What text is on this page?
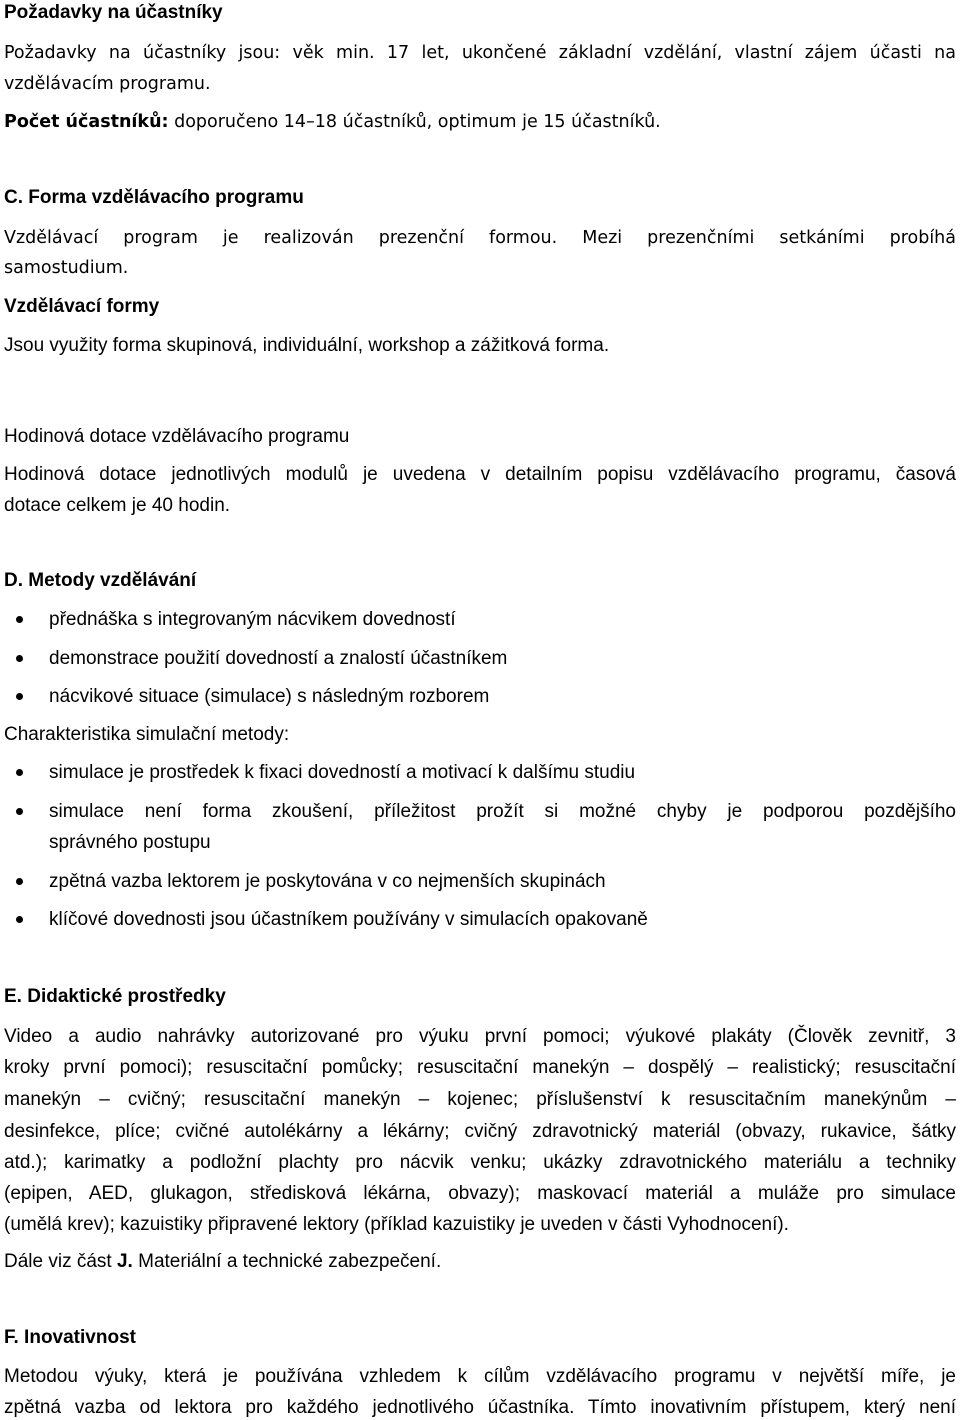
Požadavky na účastníky
Požadavky na účastníky jsou: věk min. 17 let, ukončené základní vzdělání, vlastní zájem účasti na
vzdělávacím programu.
Počet účastníků: doporučeno 14–18 účastníků, optimum je 15 účastníků.
C. Forma vzdělávacího programu
Vzdělávací program je realizován prezenční formou. Mezi prezenčními setkáními probíhá
samostudium.
Vzdělávací formy
Jsou využity forma skupinová, individuální, workshop a zážitková forma.
Hodinová dotace vzdělávacího programu
Hodinová dotace jednotlivých modulů je uvedena v detailním popisu vzdělávacího programu, časová
dotace celkem je 40 hodin.
D. Metody vzdělávání
přednáška s integrovaným nácvikem dovedností
demonstrace použití dovedností a znalostí účastníkem
nácvikové situace (simulace) s následným rozborem
Charakteristika simulační metody:
simulace je prostředek k fixaci dovedností a motivací k dalšímu studiu
simulace není forma zkoušení, příležitost prožít si možné chyby je podporou pozdějšího
správného postupu
zpětná vazba lektorem je poskytována v co nejmenších skupinách
klíčové dovednosti jsou účastníkem používány v simulacích opakovaně
E. Didaktické prostředky
Video a audio nahrávky autorizované pro výuku první pomoci; výukové plakáty (Člověk zevnitř, 3
kroky první pomoci); resuscitační pomůcky; resuscitační manekýn – dospělý – realistický; resuscitační
manekýn – cvičný; resuscitační manekýn – kojenec; příslušenství k resuscitačním manekýnům –
desinfekce, plíce; cvičné autolékárny a lékárny; cvičný zdravotnický materiál (obvazy, rukavice, šátky
atd.); karimatky a podložní plachty pro nácvik venku; ukázky zdravotnického materiálu a techniky
(epipen, AED, glukagon, středisková lékárna, obvazy); maskovací materiál a muláže pro simulace
(umělá krev); kazuistiky připravené lektory (příklad kazuistiky je uveden v části Vyhodnocení).
Dále viz část J. Materiální a technické zabezpečení.
F. Inovativnost
Metodou výuky, která je používána vzhledem k cílům vzdělávacího programu v největší míře, je
zpětná vazba od lektora pro každého jednotlivého účastníka. Tímto inovativním přístupem, který není
